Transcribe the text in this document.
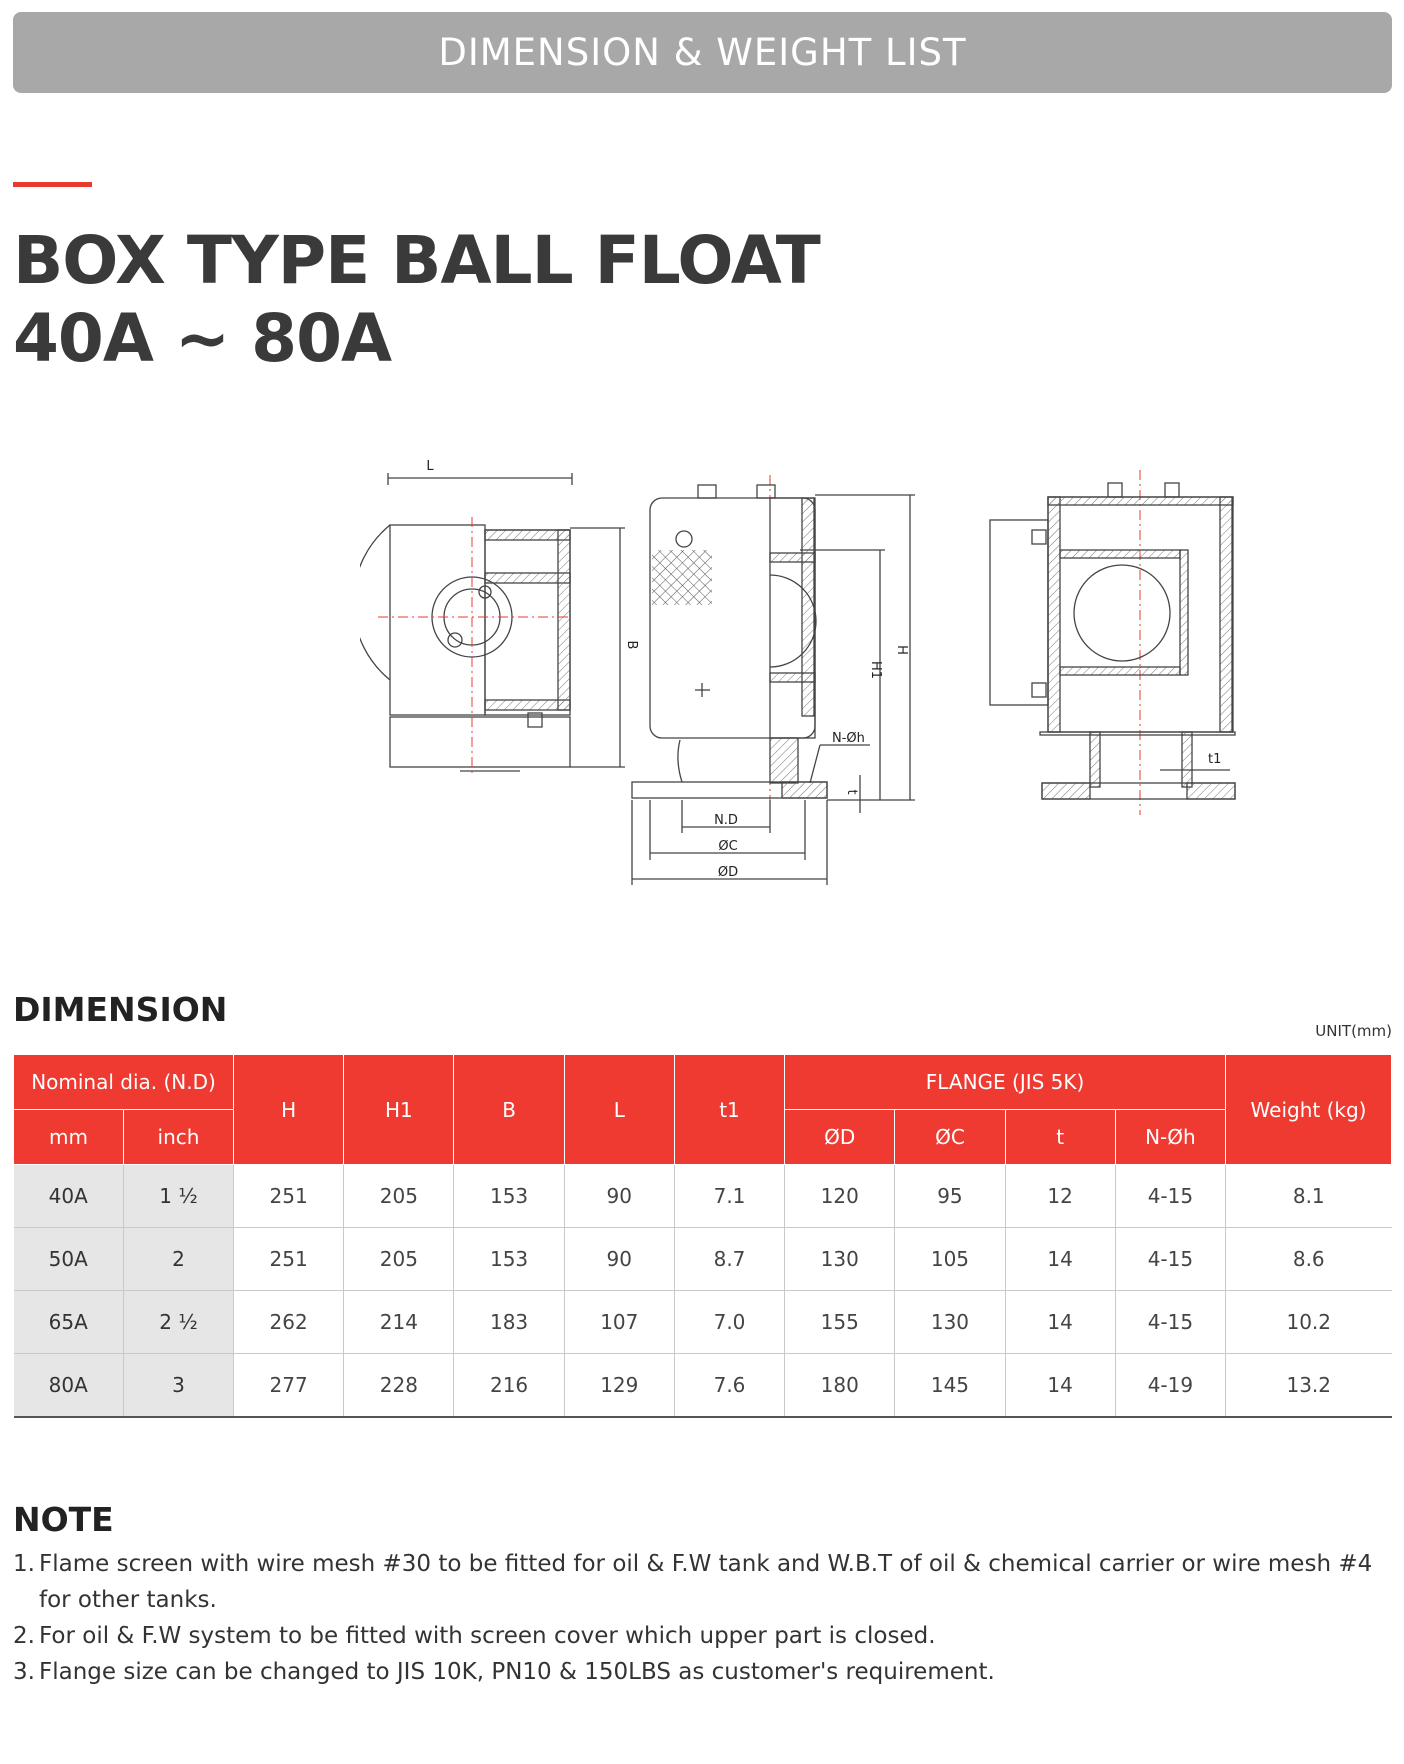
DIMENSION & WEIGHT LIST
BOX TYPE BALL FLOAT
40A ~ 80A
L
B
H
H1
N-Øh
t
N.D
ØC
ØD
t1
DIMENSION
UNIT(mm)
Nominal dia. (N.D)		H	H1	B	L	t1	FLANGE (JIS 5K)				Weight (kg)
mm	inch						ØD	ØC	t	N-Øh	
40A	1 ½	251	205	153	90	7.1	120	95	12	4-15	8.1
50A	2	251	205	153	90	8.7	130	105	14	4-15	8.6
65A	2 ½	262	214	183	107	7.0	155	130	14	4-15	10.2
80A	3	277	228	216	129	7.6	180	145	14	4-19	13.2
NOTE
1. Flame screen with wire mesh #30 to be fitted for oil & F.W tank and W.B.T of oil & chemical carrier or wire mesh #4 for other tanks.
2. For oil & F.W system to be fitted with screen cover which upper part is closed.
3. Flange size can be changed to JIS 10K, PN10 & 150LBS as customer's requirement.
